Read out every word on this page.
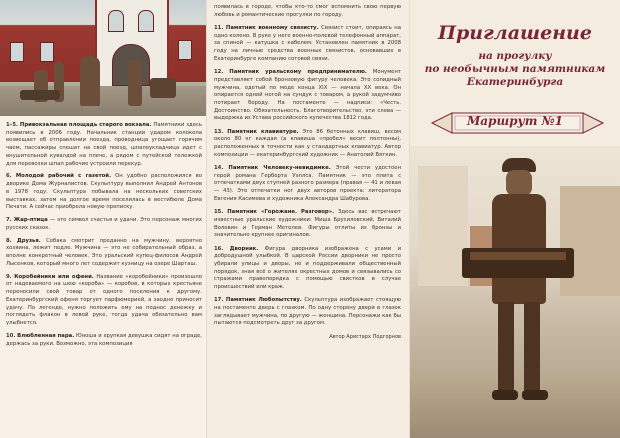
1–5. Привокзальная площадь старого вокзала. Памятники здесь появились в 2006 году. Начальник станции ударом колокола возвещает об отправлении поезда, проводница угощает горячим чаем, пассажиры спешат на свой поезд, шпалоукладчица идет с внушительной кувалдой на плече, а рядом с путейской тележкой для перевозки шпал рабочие устроили перекур.

6. Молодой рабочий с газетой. Он удобно расположился во дворике Дома Журналистов. Скульптуру выполнил Андрей Антонов в 1978 году. Скульптура побывала на нескольких советских выставках, затем на долгое время поселилась в вестибюле Дома Печати. А сейчас приобрела новую прописку.

7. Жар-птица — это символ счастья и удачи. Это персонаж многих русских сказок.

8. Друзья. Собака смотрит преданно на мужчину, вероятно хозяина, лежит подле. Мужчина — это не собирательный образ, а вполне конкретный человек. Это уральский купец-филосов Андрей Лысенков, который много лет содержит кузницу на озере Шарташ.

9. Коробейники или офени. Название «коробейники» произошло от надеваемого на шею «короба» — коробов, в которых крестьяне переносили свой товар от одного поселения к другому. Екатеринбургский офеня торгует парфюмерией, а заодно приносит удачу. По легенде, нужно положить ему на поднос денежку и поглядеть флакон в левой руке, тогда удача обязательно вам улыбнется.

10. Влюбленная пара. Юноша и хрупкая девушка сидят на ограде, держась за руки. Возможно, эта композиция

появилась в городе, чтобы кто-то смог вспомнить свою первую любовь и романтические прогулки по городу.

11. Памятник военному связисту. Связист стоит, опираясь на одно колено. В руке у него военно-полевой телефонный аппарат, за спиной — катушка с кабелем. Установлен памятник в 2008 году на личные средства военных связистов, основавших в Екатеринбурге компанию сотовой связи.

12. Памятник уральскому предпринимателю. Монумент представляет собой бронзовую фигуру человека. Это солидный мужчина, одетый по моде конца XIX — начала XX века. Он опирается одной ногой на сундук с товаром, а рукой задумчиво потирает бороду. На постаменте — надписи: «Честь. Достоинство. Обязательность. Благотворительство, эти слова — выдержка из Устава российского купечества 1812 года.

13. Памятник клавиатуре. Это 86 бетонных клавиш, весом около 80 кг каждая (а клавиша «пробел» весит полтонны), расположенных в точности как у стандартных клавиатур. Автор композиции — екатеринбургский художник — Анатолий Вяткин.

14. Памятник Человеку-невидимке. Этой чести удостоен герой романа Герберта Уэллса. Памятник — это плита с отпечатками двух ступней разного размера (правая — 41 и левая — 43). Это отпечатки ног двух авторов проекта: литератора Евгения Касимова и художника Александра Шабурова.

15. Памятник «Горожане. Разговор». Здесь вас встречают известные уральские художники: Миша Брусиловский, Виталий Воловин и Герман Метелев. Фигуры отлиты из бронзы и значительно крупнее оригиналов.

16. Дворник. Фигура дворника изображена с усами и добродушной улыбкой. В царской России дворники не просто убирали улицы и дворы, но и поддерживали общественный порядок, зная всё о жителях окрестных домов и связывались со стражами правопорядка с помощью свистков в случае происшествий или краж.

17. Памятник Любопытству. Скульптура изображает стоящую на постаменте дверь с глазком. По одну сторону двери в глазок заглядывает мужчина, по другую — женщина. Персонажи как бы пытаются подсмотреть друг за другом.

Автор Аристарх Подгорнов
Приглашение
на прогулку
по необычным памятникам
Екатеринбурга
Маршрут №1
